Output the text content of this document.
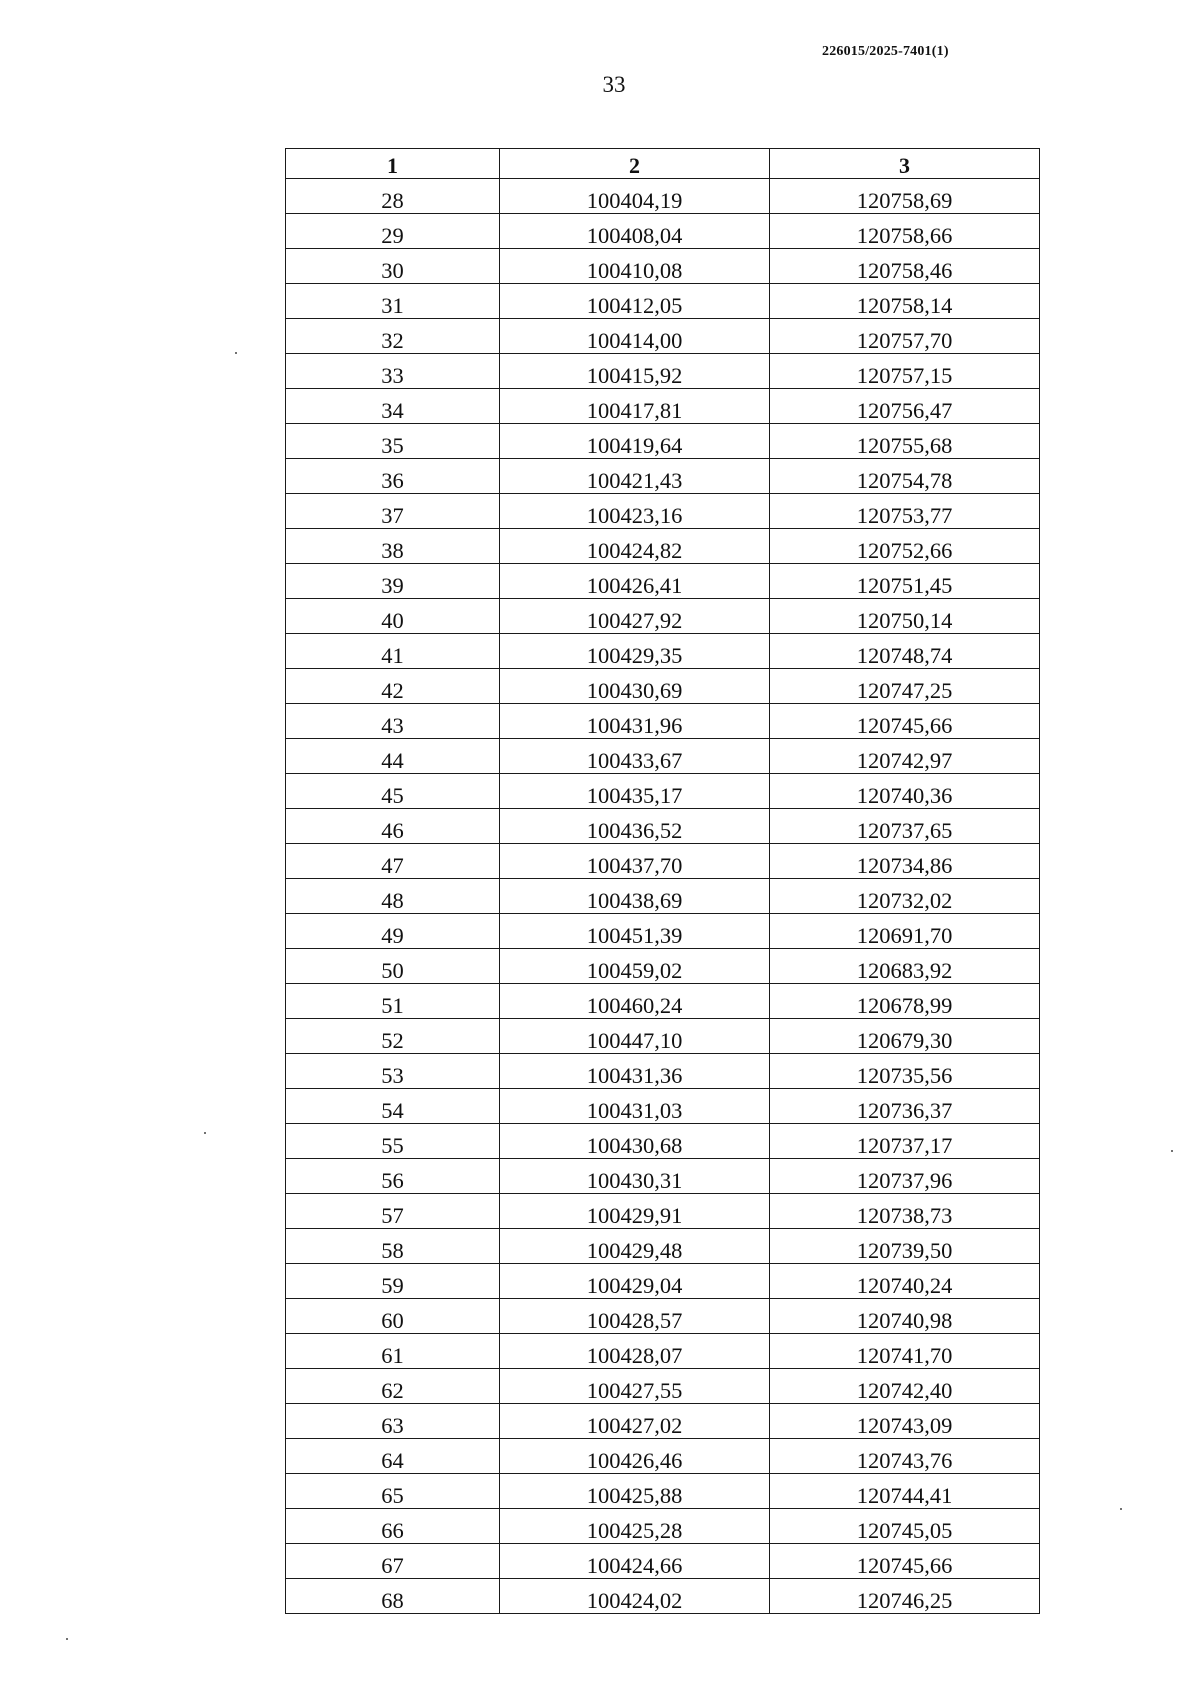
226015/2025-7401(1)
33
1	2	3
28	100404,19	120758,69
29	100408,04	120758,66
30	100410,08	120758,46
31	100412,05	120758,14
32	100414,00	120757,70
33	100415,92	120757,15
34	100417,81	120756,47
35	100419,64	120755,68
36	100421,43	120754,78
37	100423,16	120753,77
38	100424,82	120752,66
39	100426,41	120751,45
40	100427,92	120750,14
41	100429,35	120748,74
42	100430,69	120747,25
43	100431,96	120745,66
44	100433,67	120742,97
45	100435,17	120740,36
46	100436,52	120737,65
47	100437,70	120734,86
48	100438,69	120732,02
49	100451,39	120691,70
50	100459,02	120683,92
51	100460,24	120678,99
52	100447,10	120679,30
53	100431,36	120735,56
54	100431,03	120736,37
55	100430,68	120737,17
56	100430,31	120737,96
57	100429,91	120738,73
58	100429,48	120739,50
59	100429,04	120740,24
60	100428,57	120740,98
61	100428,07	120741,70
62	100427,55	120742,40
63	100427,02	120743,09
64	100426,46	120743,76
65	100425,88	120744,41
66	100425,28	120745,05
67	100424,66	120745,66
68	100424,02	120746,25
